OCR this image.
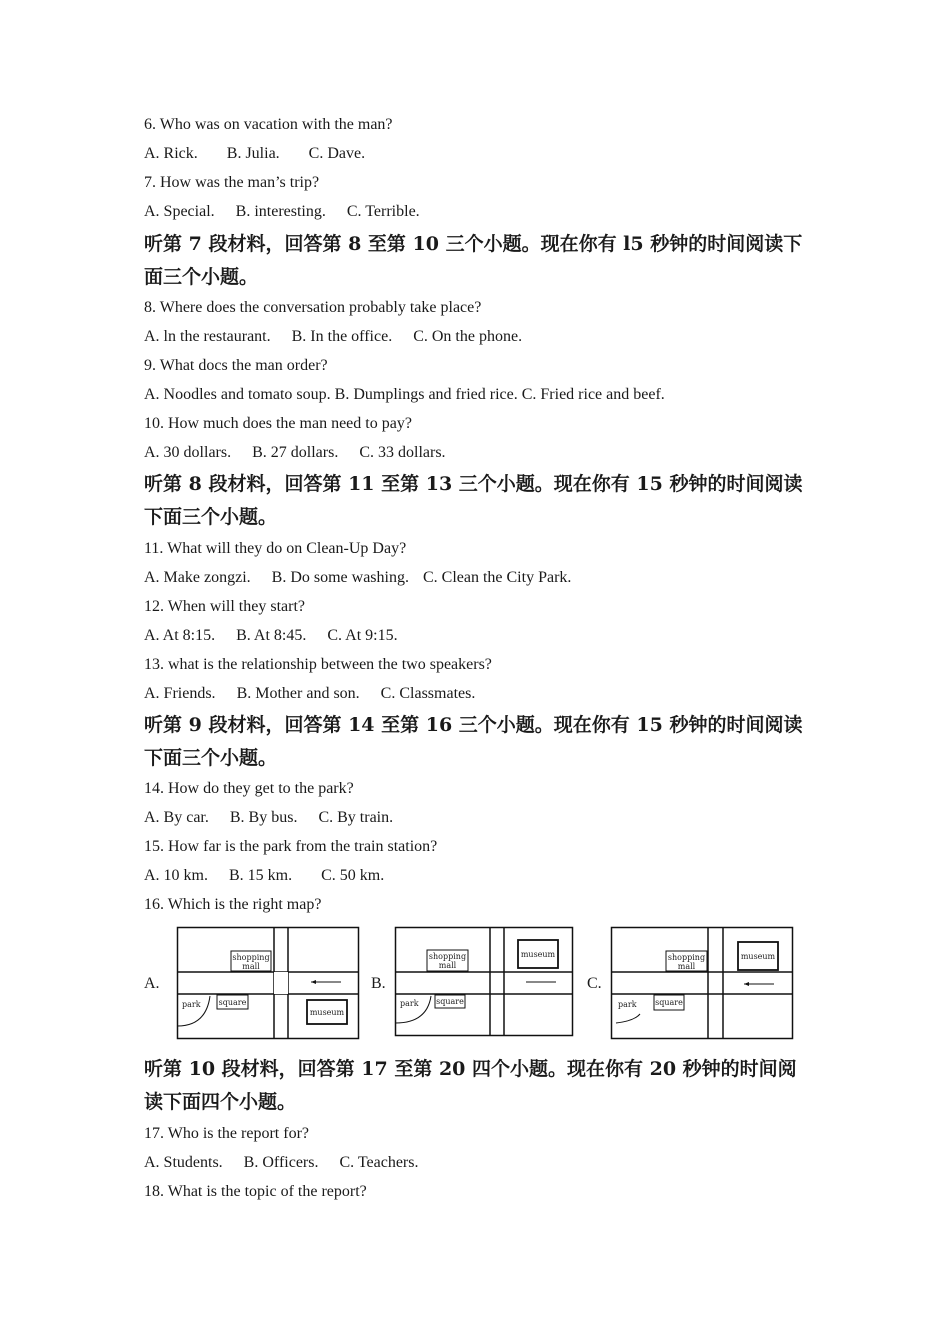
6. Who was on vacation with the man?
A. Rick. B. Julia. C. Dave.
7. How was the man’s trip?
A. Special. B. interesting. C. Terrible.
听第 7 段材料，回答第 8 至第 10 三个小题。现在你有 l5 秒钟的时间阅读下面三个小题。
8. Where does the conversation probably take place?
A. ln the restaurant. B. In the office. C. On the phone.
9. What docs the man order?
A. Noodles and tomato soup. B. Dumplings and fried rice. C. Fried rice and beef.
10. How much does the man need to pay?
A. 30 dollars. B. 27 dollars. C. 33 dollars.
听第 8 段材料，回答第 11 至第 13 三个小题。现在你有 15 秒钟的时间阅读下面三个小题。
11. What will they do on Clean-Up Day?
A. Make zongzi. B. Do some washing. C. Clean the City Park.
12. When will they start?
A. At 8:15. B. At 8:45. C. At 9:15.
13. what is the relationship between the two speakers?
A. Friends. B. Mother and son. C. Classmates.
听第 9 段材料，回答第 14 至第 16 三个小题。现在你有 15 秒钟的时间阅读下面三个小题。
14. How do they get to the park?
A. By car. B. By bus. C. By train.
15. How far is the park from the train station?
A. 10 km. B. 15 km. C. 50 km.
16. Which is the right map?
A.	B.	C.
shopping
mall
park square
museum
shopping
mall
museum
park square
shopping
mall
museum
park square
听第 10 段材料，回答第 17 至第 20 四个小题。现在你有 20 秒钟的时间阅读下面四个小题。
17. Who is the report for?
A. Students. B. Officers. C. Teachers.
18. What is the topic of the report?
